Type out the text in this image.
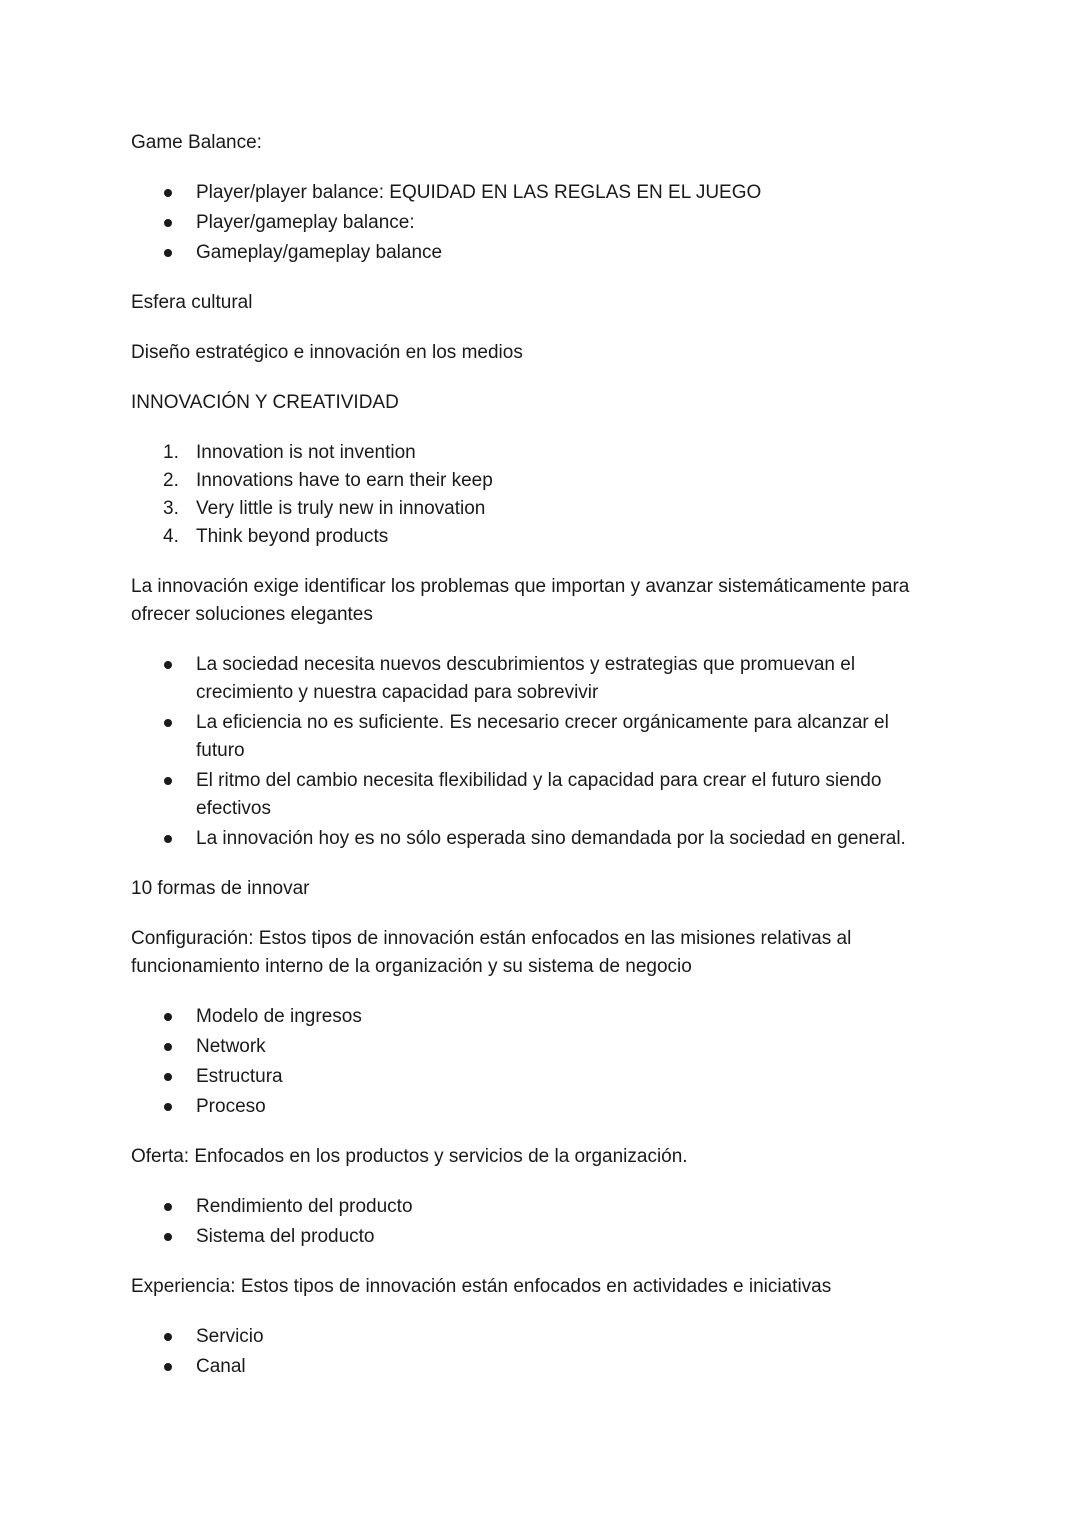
Game Balance:

Player/player balance: EQUIDAD EN LAS REGLAS EN EL JUEGO
Player/gameplay balance:
Gameplay/gameplay balance

Esfera cultural

Diseño estratégico e innovación en los medios

INNOVACIÓN Y CREATIVIDAD

1. Innovation is not invention
2. Innovations have to earn their keep
3. Very little is truly new in innovation
4. Think beyond products

La innovación exige identificar los problemas que importan y avanzar sistemáticamente para ofrecer soluciones elegantes

La sociedad necesita nuevos descubrimientos y estrategias que promuevan el crecimiento y nuestra capacidad para sobrevivir
La eficiencia no es suficiente. Es necesario crecer orgánicamente para alcanzar el futuro
El ritmo del cambio necesita flexibilidad y la capacidad para crear el futuro siendo efectivos
La innovación hoy es no sólo esperada sino demandada por la sociedad en general.

10 formas de innovar

Configuración: Estos tipos de innovación están enfocados en las misiones relativas al funcionamiento interno de la organización y su sistema de negocio

Modelo de ingresos
Network
Estructura
Proceso

Oferta: Enfocados en los productos y servicios de la organización.

Rendimiento del producto
Sistema del producto

Experiencia: Estos tipos de innovación están enfocados en actividades e iniciativas

Servicio
Canal
